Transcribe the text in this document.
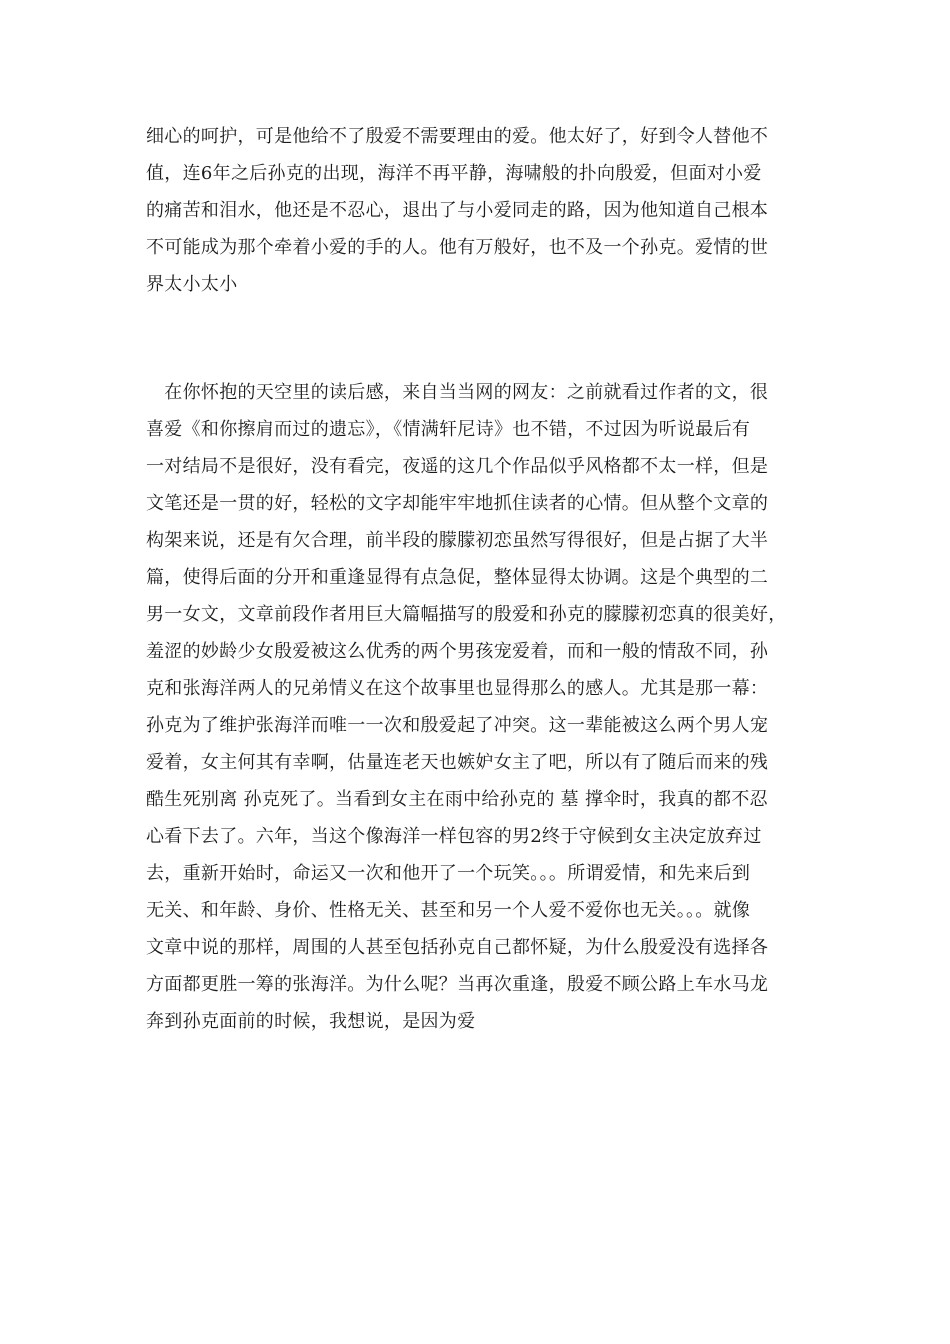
细心的呵护，可是他给不了殷爱不需要理由的爱。他太好了，好到令人替他不
值，连6年之后孙克的出现，海洋不再平静，海啸般的扑向殷爱，但面对小爱
的痛苦和泪水，他还是不忍心，退出了与小爱同走的路，因为他知道自己根本
不可能成为那个牵着小爱的手的人。他有万般好，也不及一个孙克。爱情的世
界太小太小
　在你怀抱的天空里的读后感，来自当当网的网友：之前就看过作者的文，很
喜爱《和你擦肩而过的遗忘》，《情满轩尼诗》也不错，不过因为听说最后有
一对结局不是很好，没有看完，夜遥的这几个作品似乎风格都不太一样，但是
文笔还是一贯的好，轻松的文字却能牢牢地抓住读者的心情。但从整个文章的
构架来说，还是有欠合理，前半段的朦朦初恋虽然写得很好，但是占据了大半
篇，使得后面的分开和重逢显得有点急促，整体显得太协调。这是个典型的二
男一女文，文章前段作者用巨大篇幅描写的殷爱和孙克的朦朦初恋真的很美好，
羞涩的妙龄少女殷爱被这么优秀的两个男孩宠爱着，而和一般的情敌不同，孙
克和张海洋两人的兄弟情义在这个故事里也显得那么的感人。尤其是那一幕：
孙克为了维护张海洋而唯一一次和殷爱起了冲突。这一辈能被这么两个男人宠
爱着，女主何其有幸啊，估量连老天也嫉妒女主了吧，所以有了随后而来的残
酷生死别离 孙克死了。当看到女主在雨中给孙克的 墓 撑伞时，我真的都不忍
心看下去了。六年，当这个像海洋一样包容的男2终于守候到女主决定放弃过
去，重新开始时，命运又一次和他开了一个玩笑。。。所谓爱情，和先来后到
无关、和年龄、身价、性格无关、甚至和另一个人爱不爱你也无关。。。就像
文章中说的那样，周围的人甚至包括孙克自己都怀疑，为什么殷爱没有选择各
方面都更胜一筹的张海洋。为什么呢？当再次重逢，殷爱不顾公路上车水马龙
奔到孙克面前的时候，我想说，是因为爱
